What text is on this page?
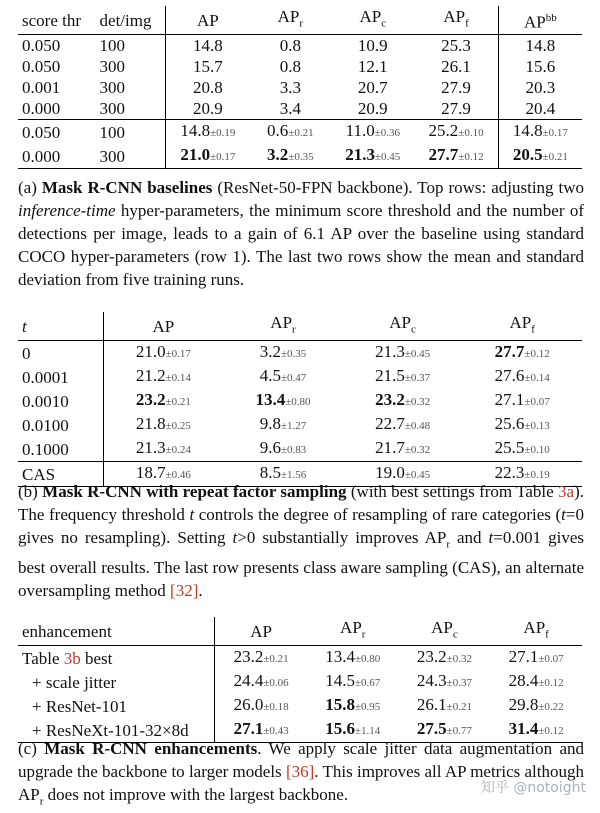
score thr	det/img	AP	$AP_r$	$AP_c$	$AP_f$	$AP^{bb}$
0.050	100	14.8	0.8	10.9	25.3	14.8
0.050	300	15.7	0.8	12.1	26.1	15.6
0.001	300	20.8	3.3	20.7	27.9	20.3
0.000	300	20.9	3.4	20.9	27.9	20.4
0.050	100	14.8±0.19	0.6±0.21	11.0±0.36	25.2±0.10	14.8±0.17
0.000	300	21.0±0.17	3.2±0.35	21.3±0.45	27.7±0.12	20.5±0.21
(a) Mask R-CNN baselines (ResNet-50-FPN backbone). Top rows: adjusting two inference-time hyper-parameters, the minimum score threshold and the number of detections per image, leads to a gain of 6.1 AP over the baseline using standard COCO hyper-parameters (row 1). The last two rows show the mean and standard deviation from five training runs.
t	AP	$AP_r$	$AP_c$	$AP_f$
0	21.0±0.17	3.2±0.35	21.3±0.45	27.7±0.12
0.0001	21.2±0.14	4.5±0.47	21.5±0.37	27.6±0.14
0.0010	23.2±0.21	13.4±0.80	23.2±0.32	27.1±0.07
0.0100	21.8±0.25	9.8±1.27	22.7±0.48	25.6±0.13
0.1000	21.3±0.24	9.6±0.83	21.7±0.32	25.5±0.10
CAS	18.7±0.46	8.5±1.56	19.0±0.45	22.3±0.19
(b) Mask R-CNN with repeat factor sampling (with best settings from Table 3a). The frequency threshold t controls the degree of resampling of rare categories (t=0 gives no resampling). Setting t>0 substantially improves $AP_r$ and t=0.001 gives best overall results. The last row presents class aware sampling (CAS), an alternate oversampling method [32].
enhancement	AP	$AP_r$	$AP_c$	$AP_f$
Table 3b best	23.2±0.21	13.4±0.80	23.2±0.32	27.1±0.07
+ scale jitter	24.4±0.06	14.5±0.67	24.3±0.37	28.4±0.12
+ ResNet-101	26.0±0.18	15.8±0.95	26.1±0.21	29.8±0.22
+ ResNeXt-101-32×8d	27.1±0.43	15.6±1.14	27.5±0.77	31.4±0.12
(c) Mask R-CNN enhancements. We apply scale jitter data augmentation and upgrade the backbone to larger models [36]. This improves all AP metrics although $AP_r$ does not improve with the largest backbone.	知乎 @notoight
